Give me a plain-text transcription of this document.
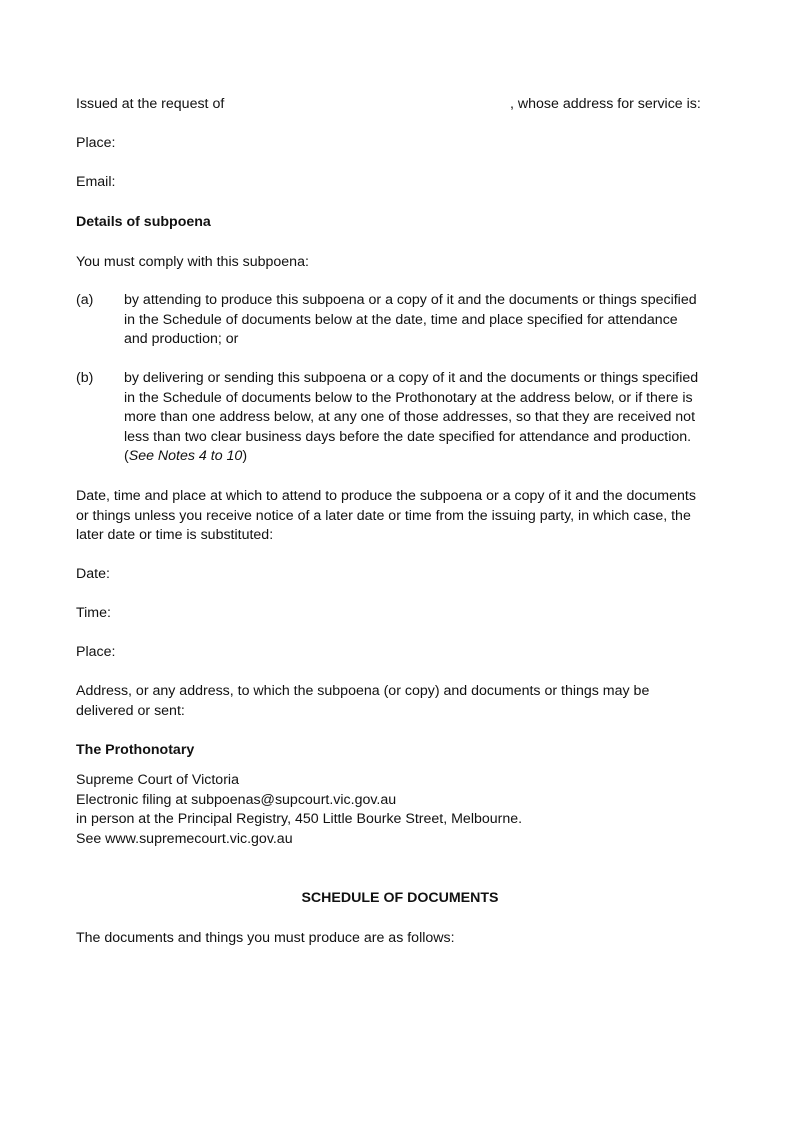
Issued at the request of	, whose address for service is:

Place:

Email:

Details of subpoena

You must comply with this subpoena:

(a) by attending to produce this subpoena or a copy of it and the documents or things specified
in the Schedule of documents below at the date, time and place specified for attendance
and production; or

(b) by delivering or sending this subpoena or a copy of it and the documents or things specified
in the Schedule of documents below to the Prothonotary at the address below, or if there is
more than one address below, at any one of those addresses, so that they are received not
less than two clear business days before the date specified for attendance and production.
(See Notes 4 to 10)
Date, time and place at which to attend to produce the subpoena or a copy of it and the documents
or things unless you receive notice of a later date or time from the issuing party, in which case, the
later date or time is substituted:

Date:

Time:

Place:

Address, or any address, to which the subpoena (or copy) and documents or things may be
delivered or sent:

The Prothonotary

Supreme Court of Victoria
Electronic filing at subpoenas@supcourt.vic.gov.au
in person at the Principal Registry, 450 Little Bourke Street, Melbourne.
See www.supremecourt.vic.gov.au

SCHEDULE OF DOCUMENTS

The documents and things you must produce are as follows:
